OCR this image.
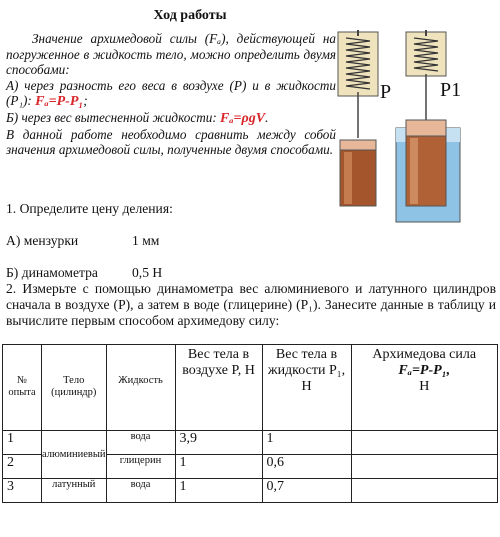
Ход работы

Значение архимедовой силы (Fₐ), действующей на погруженное в жидкость тело, можно определить двумя способами:

А) через разность его веса в воздухе (P) и в жидкости (P₁): Fₐ=P-P₁;

Б) через вес вытесненной жидкости: Fₐ=ρgV.

В данной работе необходимо сравнить между собой значения архимедовой силы, полученные двумя способами.

P P1
1. Определите цену деления:
А) мензурки	1 мм
Б) динамометра	0,5 Н
2. Измерьте с помощью динамометра вес алюминиевого и латунного цилиндров сначала в воздухе (P), а затем в воде (глицерине) (P₁). Занесите данные в таблицу и вычислите первым способом архимедову силу:
№ опыта	Тело (цилиндр)	Жидкость	Вес тела в воздухе P, Н	Вес тела в жидкости P₁, Н	Архимедова сила
Fₐ=P-P₁,
Н

1	алюминиевый	вода	3,9	1	
2		глицерин	1	0,6	
3	латунный	вода	1	0,7	
